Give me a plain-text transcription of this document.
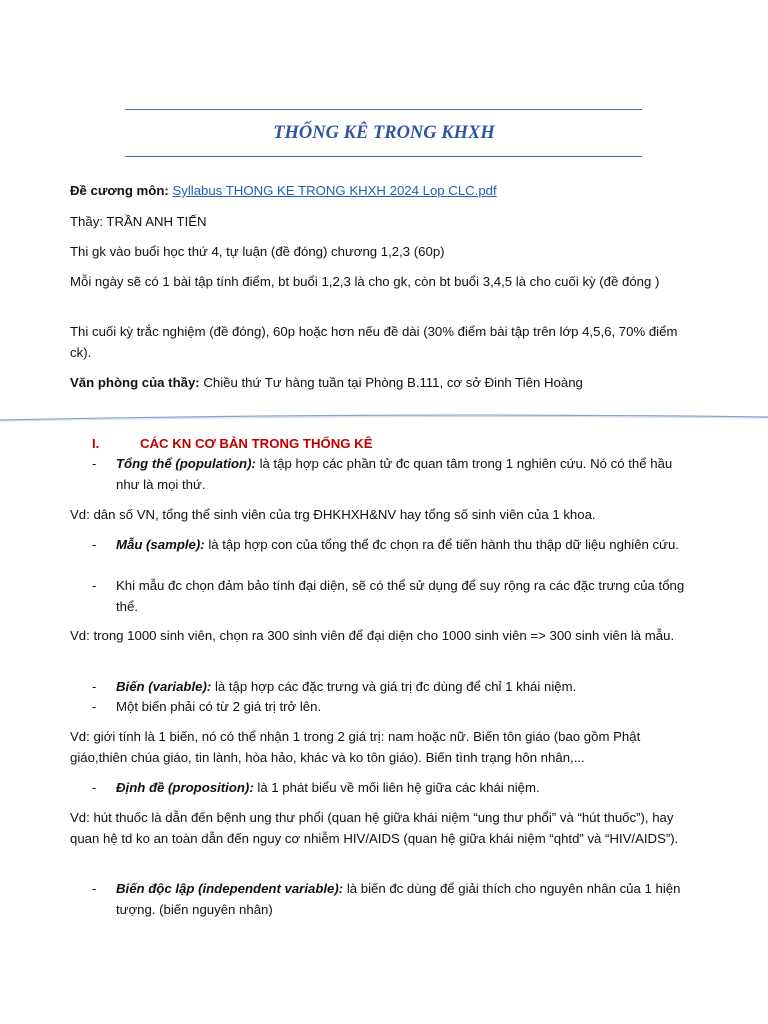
THỐNG KÊ TRONG KHXH

Đề cương môn: Syllabus THONG KE TRONG KHXH 2024 Lop CLC.pdf

Thầy: TRẦN ANH TIẾN

Thi gk vào buổi học thứ 4, tự luận (đề đóng) chương 1,2,3 (60p)

Mỗi ngày sẽ có 1 bài tập tính điểm, bt buổi 1,2,3 là cho gk, còn bt buổi 3,4,5 là cho cuối kỳ (đề đóng )

Thi cuối kỳ trắc nghiệm (đề đóng), 60p hoặc hơn nếu đề dài (30% điểm bài tập trên lớp 4,5,6, 70% điểm ck).

Văn phòng của thầy: Chiều thứ Tư hàng tuần tại Phòng B.111, cơ sở Đinh Tiên Hoàng

I.	CÁC KN CƠ BẢN TRONG THỐNG KÊ
- Tổng thể (population): là tập hợp các phần tử đc quan tâm trong 1 nghiên cứu. Nó có thể hầu như là mọi thứ.

Vd: dân số VN, tổng thể sinh viên của trg ĐHKHXH&NV hay tổng số sinh viên của 1 khoa.

- Mẫu (sample): là tập hợp con của tổng thể đc chọn ra để tiến hành thu thập dữ liệu nghiên cứu.
- Khi mẫu đc chọn đảm bảo tính đại diện, sẽ có thể sử dụng để suy rộng ra các đặc trưng của tổng thể.

Vd: trong 1000 sinh viên, chọn ra 300 sinh viên để đại diện cho 1000 sinh viên => 300 sinh viên là mẫu.

- Biến (variable): là tập hợp các đặc trưng và giá trị đc dùng để chỉ 1 khái niệm.
- Một biến phải có từ 2 giá trị trở lên.

Vd: giới tính là 1 biến, nó có thể nhận 1 trong 2 giá trị: nam hoặc nữ. Biến tôn giáo (bao gồm Phật giáo,thiên chúa giáo, tin lành, hòa hảo, khác và ko tôn giáo). Biến tình trạng hôn nhân,...

- Định đề (proposition): là 1 phát biểu về mối liên hệ giữa các khái niệm.

Vd: hút thuốc là dẫn đến bệnh ung thư phổi (quan hệ giữa khái niệm “ung thư phổi” và “hút thuốc”), hay quan hệ td ko an toàn dẫn đến nguy cơ nhiễm HIV/AIDS (quan hệ giữa khái niệm “qhtd” và “HIV/AIDS”).

- Biến độc lập (independent variable): là biến đc dùng để giải thích cho nguyên nhân của 1 hiện tượng. (biến nguyên nhân)
